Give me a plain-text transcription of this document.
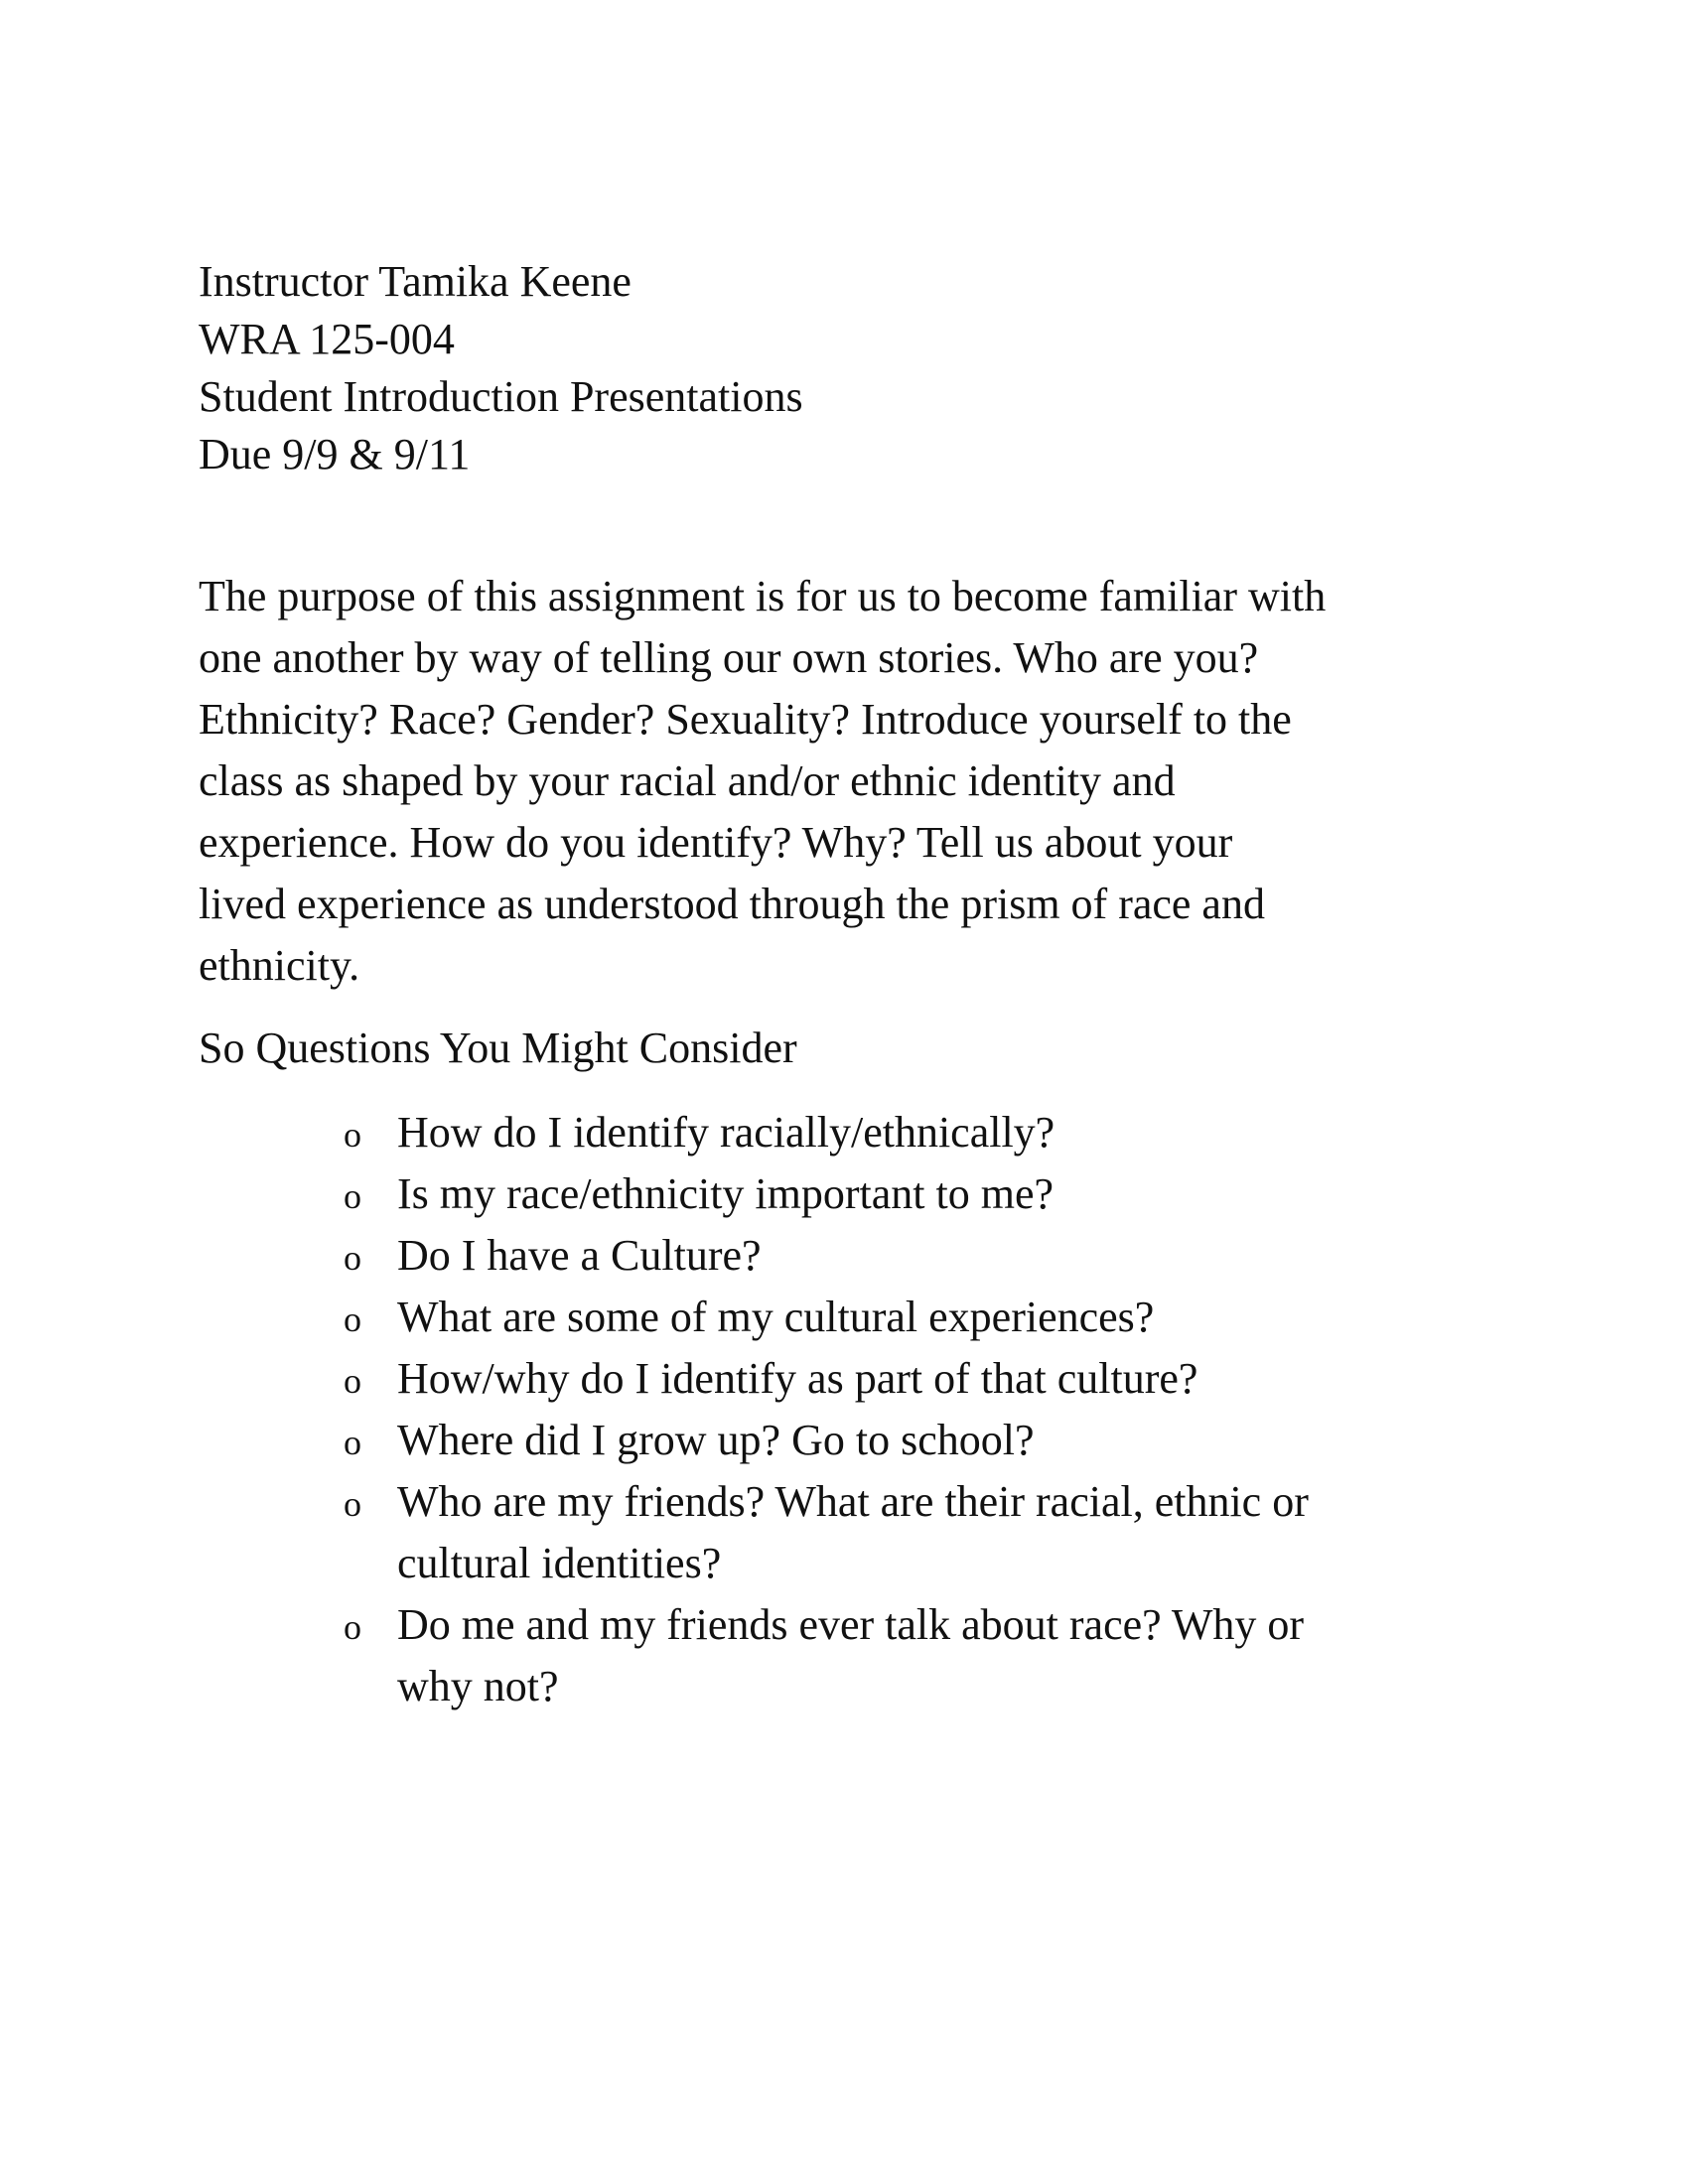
Instructor Tamika Keene
WRA 125-004
Student Introduction Presentations
Due 9/9 & 9/11
The purpose of this assignment is for us to become familiar with
one another by way of telling our own stories. Who are you?
Ethnicity? Race? Gender? Sexuality? Introduce yourself to the
class as shaped by your racial and/or ethnic identity and
experience. How do you identify? Why? Tell us about your
lived experience as understood through the prism of race and
ethnicity.
So Questions You Might Consider
o How do I identify racially/ethnically?
o Is my race/ethnicity important to me?
o Do I have a Culture?
o What are some of my cultural experiences?
o How/why do I identify as part of that culture?
o Where did I grow up? Go to school?
o Who are my friends? What are their racial, ethnic or
cultural identities?
o Do me and my friends ever talk about race? Why or
why not?
